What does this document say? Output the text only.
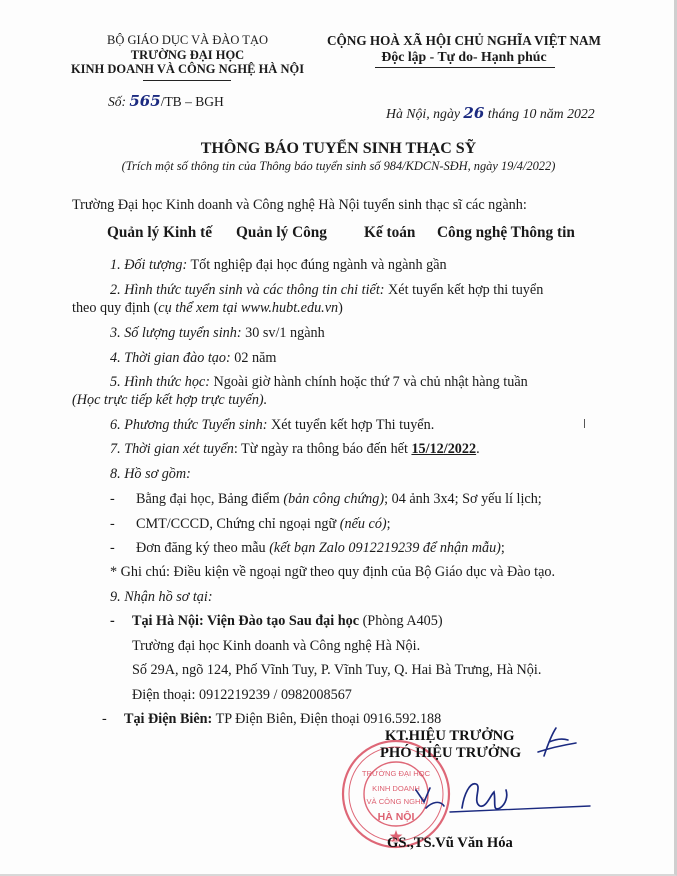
BỘ GIÁO DỤC VÀ ĐÀO TẠO
TRƯỜNG ĐẠI HỌC
KINH DOANH VÀ CÔNG NGHỆ HÀ NỘI
Số: 565/TB – BGH
CỘNG HOÀ XÃ HỘI CHỦ NGHĨA VIỆT NAM
Độc lập - Tự do- Hạnh phúc
Hà Nội, ngày 26 tháng 10 năm 2022
THÔNG BÁO TUYỂN SINH THẠC SỸ
(Trích một số thông tin của Thông báo tuyển sinh số 984/KDCN-SĐH, ngày 19/4/2022)
Trường Đại học Kinh doanh và Công nghệ Hà Nội tuyển sinh thạc sĩ các ngành:
Quản lý Kinh tế Quản lý Công Kế toán Công nghệ Thông tin
1. Đối tượng: Tốt nghiệp đại học đúng ngành và ngành gần
2. Hình thức tuyển sinh và các thông tin chi tiết: Xét tuyển kết hợp thi tuyển
theo quy định (cụ thể xem tại www.hubt.edu.vn)
3. Số lượng tuyển sinh: 30 sv/1 ngành
4. Thời gian đào tạo: 02 năm
5. Hình thức học: Ngoài giờ hành chính hoặc thứ 7 và chủ nhật hàng tuần
(Học trực tiếp kết hợp trực tuyến).
6. Phương thức Tuyển sinh: Xét tuyển kết hợp Thi tuyển.
7. Thời gian xét tuyển: Từ ngày ra thông báo đến hết 15/12/2022.
8. Hồ sơ gồm:
- Bằng đại học, Bảng điểm (bản công chứng); 04 ảnh 3x4; Sơ yếu lí lịch;
- CMT/CCCD, Chứng chỉ ngoại ngữ (nếu có);
- Đơn đăng ký theo mẫu (kết bạn Zalo 0912219239 để nhận mẫu);
* Ghi chú: Điều kiện về ngoại ngữ theo quy định của Bộ Giáo dục và Đào tạo.
9. Nhận hồ sơ tại:
- Tại Hà Nội: Viện Đào tạo Sau đại học (Phòng A405)
Trường đại học Kinh doanh và Công nghệ Hà Nội.
Số 29A, ngõ 124, Phố Vĩnh Tuy, P. Vĩnh Tuy, Q. Hai Bà Trưng, Hà Nội.
Điện thoại: 0912219239 / 0982008567
- Tại Điện Biên: TP Điện Biên, Điện thoại 0916.592.188
TRƯỜNG ĐẠI HỌC
KINH DOANH
VÀ CÔNG NGHỆ
HÀ NỘI
KT.HIỆU TRƯỞNG
PHÓ HIỆU TRƯỞNG
GS.,TS.Vũ Văn Hóa
